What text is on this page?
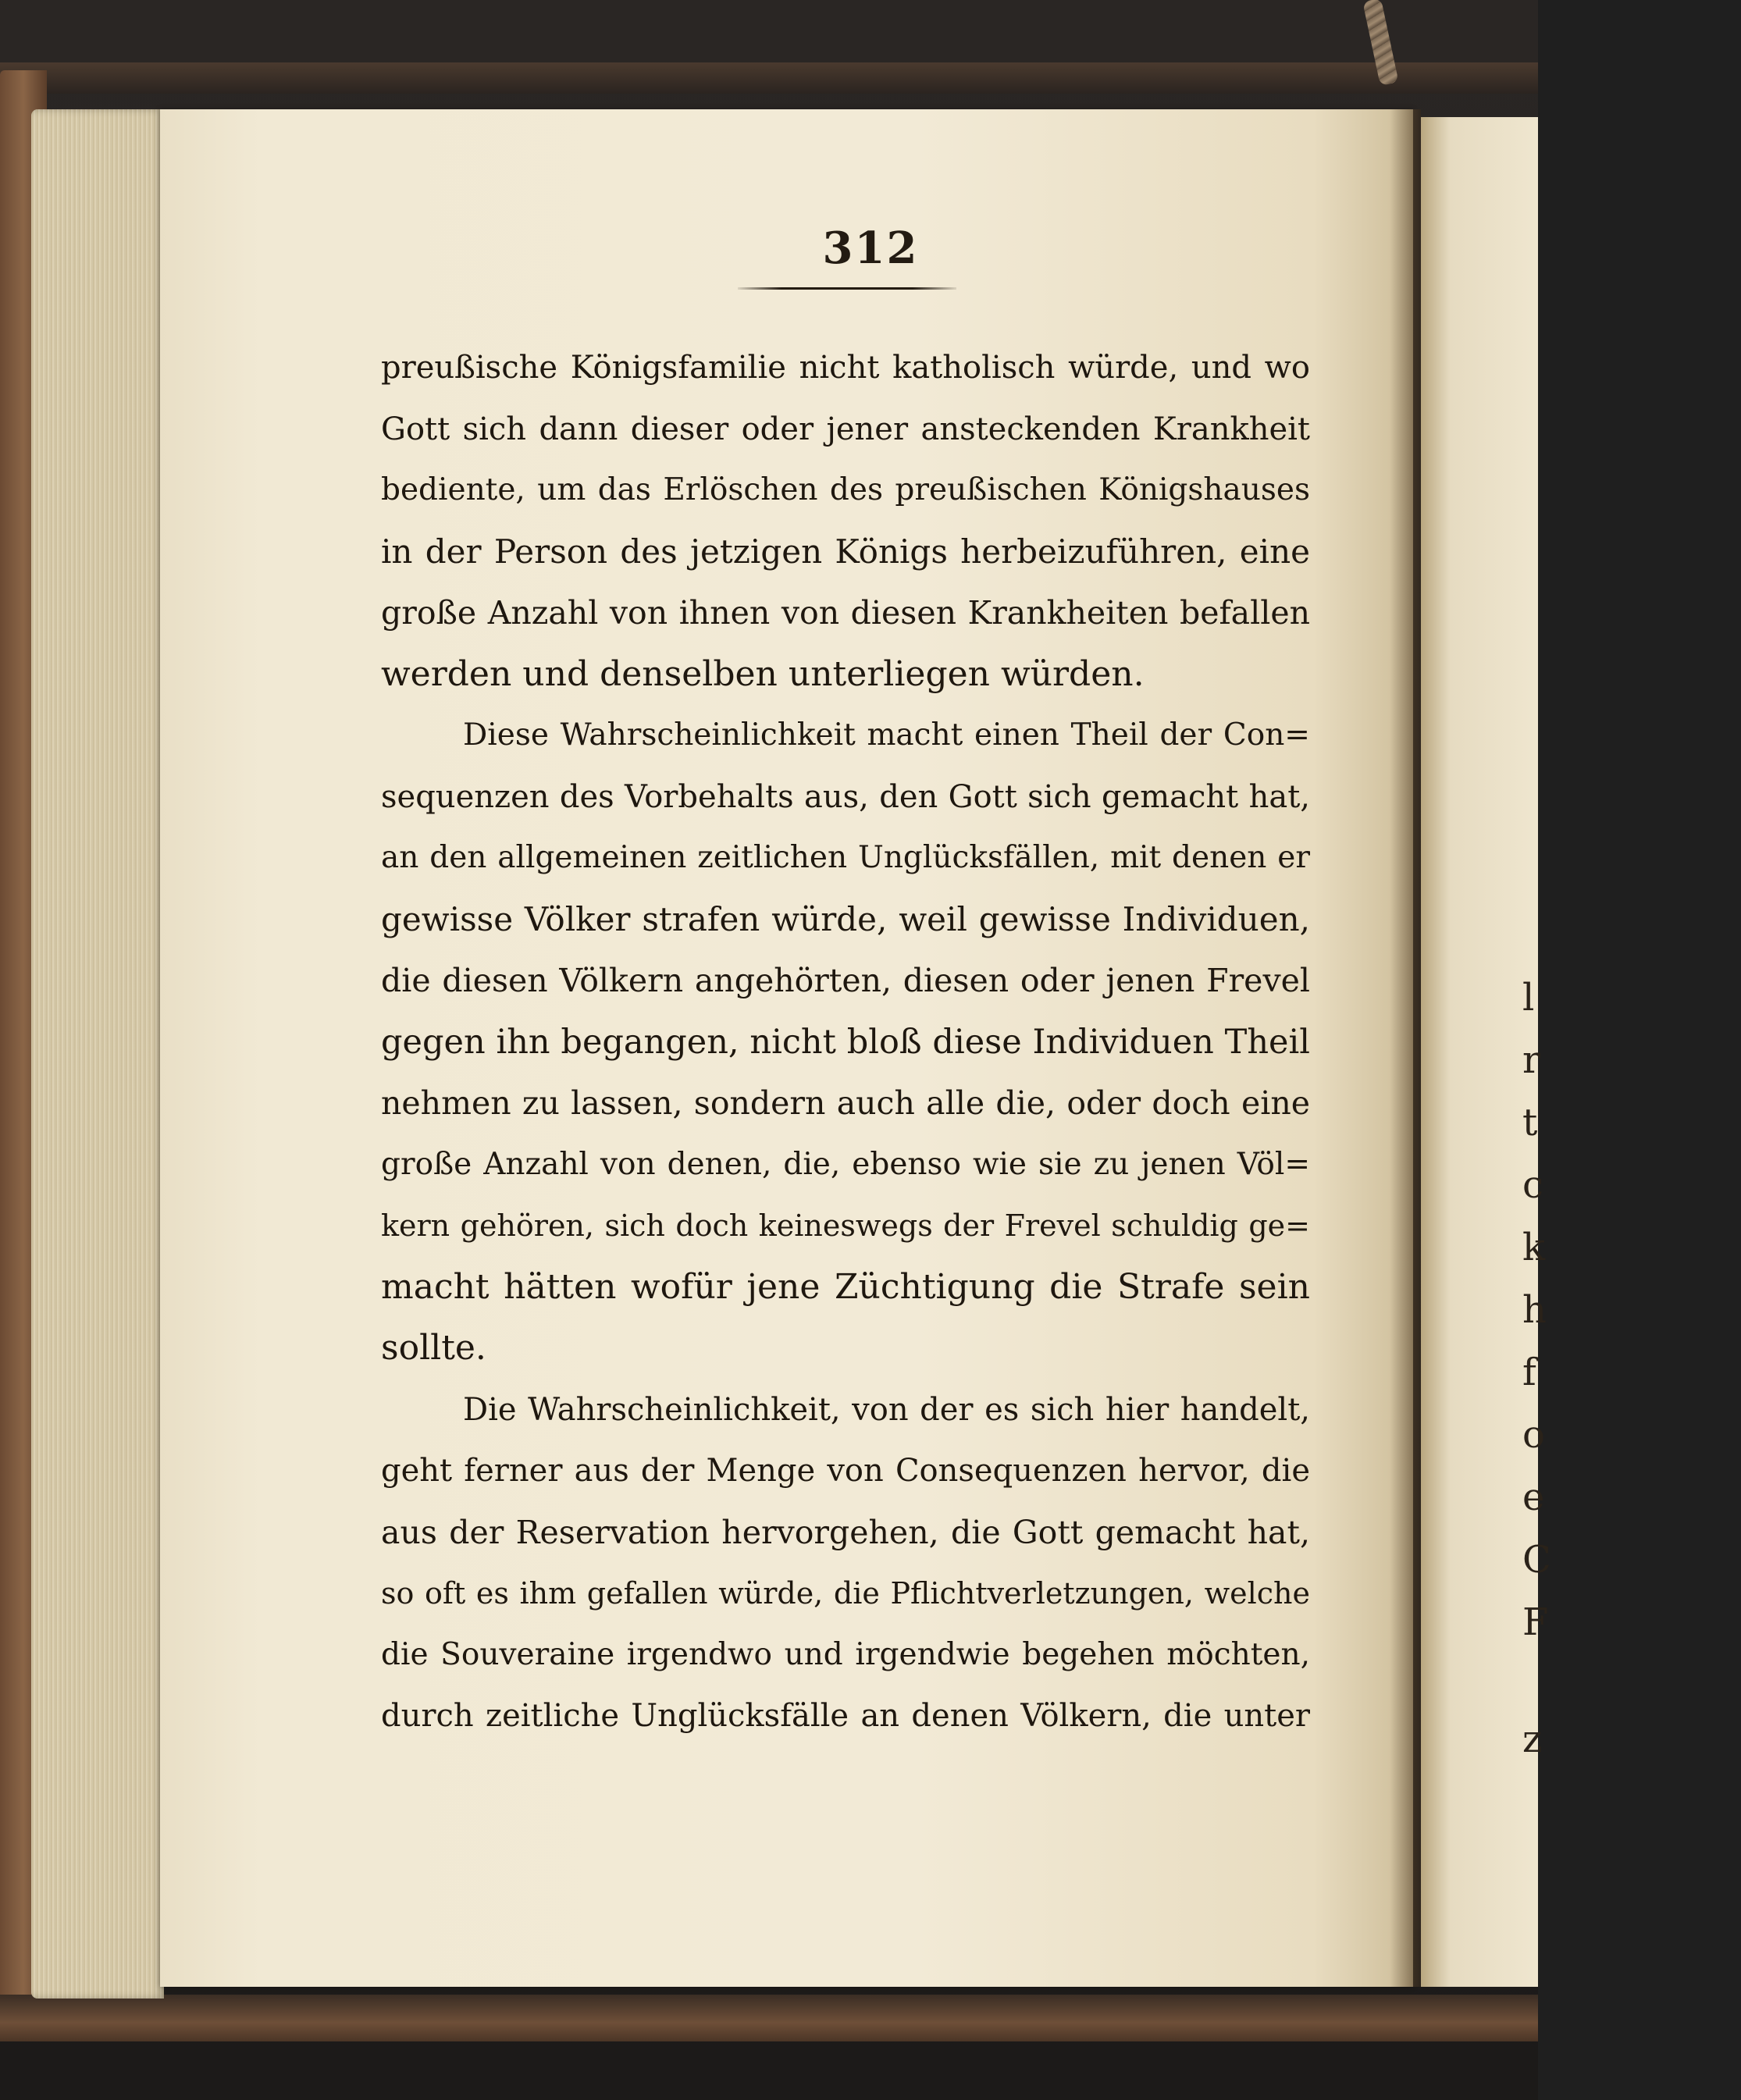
l
r
t
c
k
h
f
o
e
C
F
z
312
preußische Königsfamilie nicht katholisch würde, und wo
Gott sich dann dieser oder jener ansteckenden Krankheit
bediente, um das Erlöschen des preußischen Königshauses
in der Person des jetzigen Königs herbeizuführen, eine
große Anzahl von ihnen von diesen Krankheiten befallen
werden und denselben unterliegen würden.
Diese Wahrscheinlichkeit macht einen Theil der Con=
sequenzen des Vorbehalts aus, den Gott sich gemacht hat,
an den allgemeinen zeitlichen Unglücksfällen, mit denen er
gewisse Völker strafen würde, weil gewisse Individuen,
die diesen Völkern angehörten, diesen oder jenen Frevel
gegen ihn begangen, nicht bloß diese Individuen Theil
nehmen zu lassen, sondern auch alle die, oder doch eine
große Anzahl von denen, die, ebenso wie sie zu jenen Völ=
kern gehören, sich doch keineswegs der Frevel schuldig ge=
macht hätten wofür jene Züchtigung die Strafe sein
sollte.
Die Wahrscheinlichkeit, von der es sich hier handelt,
geht ferner aus der Menge von Consequenzen hervor, die
aus der Reservation hervorgehen, die Gott gemacht hat,
so oft es ihm gefallen würde, die Pflichtverletzungen, welche
die Souveraine irgendwo und irgendwie begehen möchten,
durch zeitliche Unglücksfälle an denen Völkern, die unter
